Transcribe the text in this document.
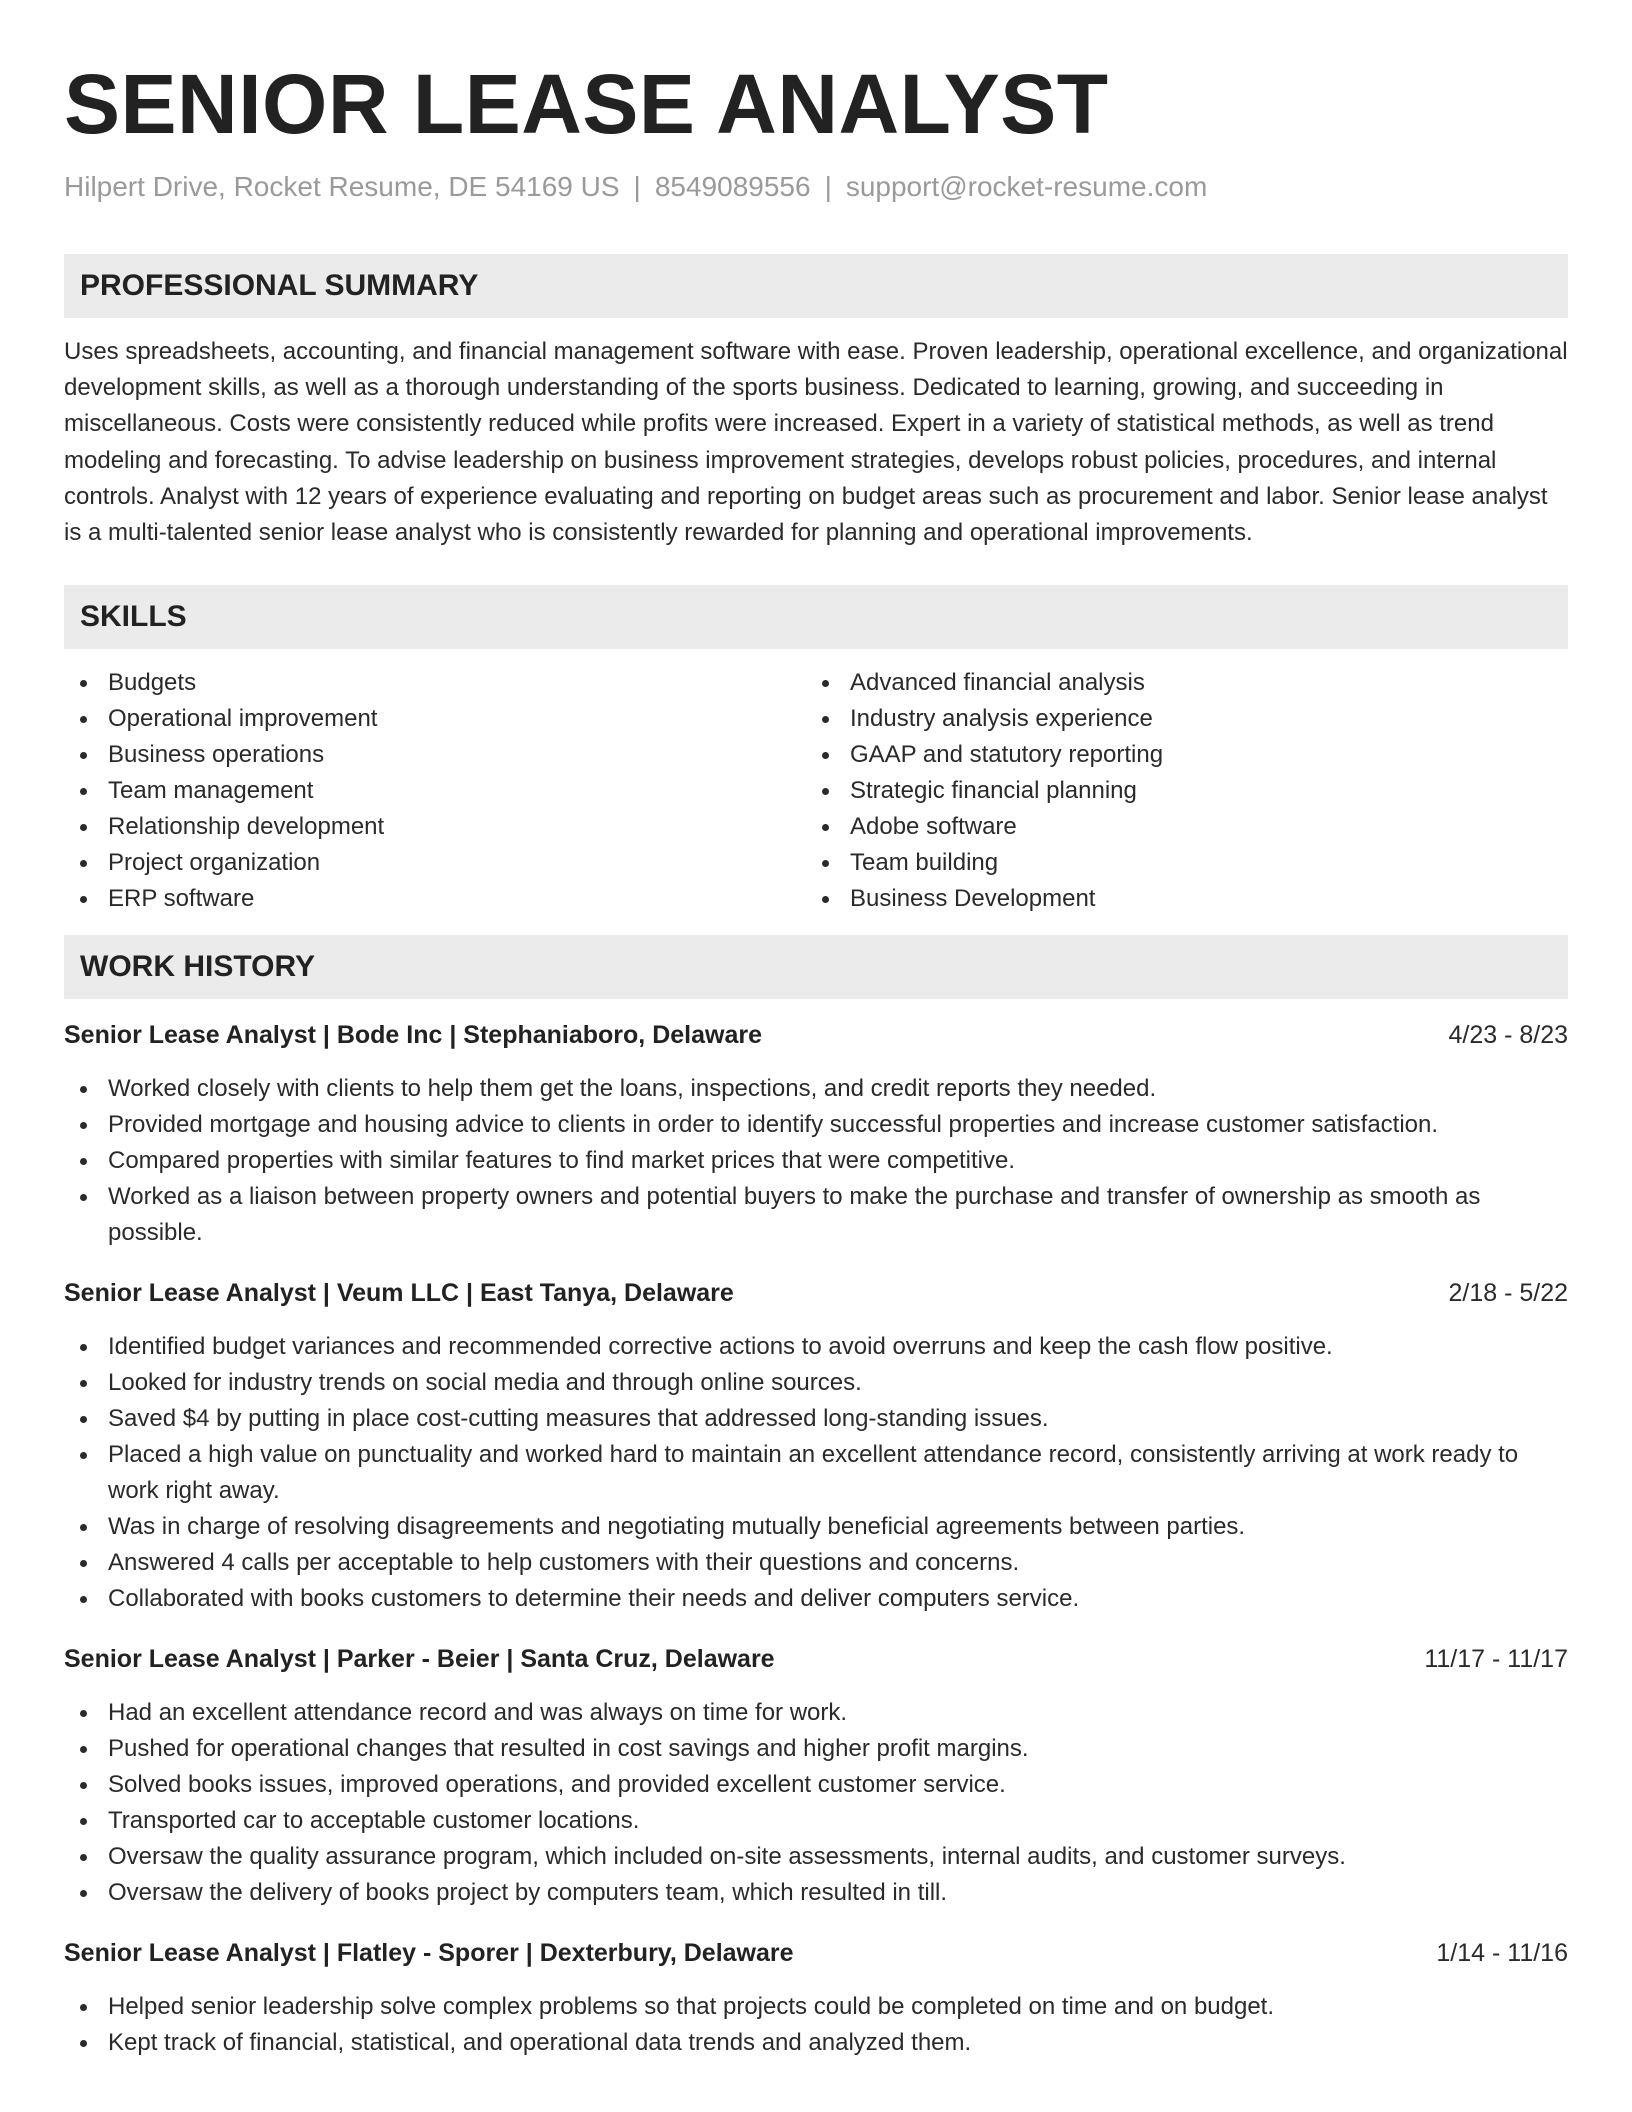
SENIOR LEASE ANALYST
Hilpert Drive, Rocket Resume, DE 54169 US | 8549089556 | support@rocket-resume.com
PROFESSIONAL SUMMARY

Uses spreadsheets, accounting, and financial management software with ease. Proven leadership, operational excellence, and organizational development skills, as well as a thorough understanding of the sports business. Dedicated to learning, growing, and succeeding in miscellaneous. Costs were consistently reduced while profits were increased. Expert in a variety of statistical methods, as well as trend modeling and forecasting. To advise leadership on business improvement strategies, develops robust policies, procedures, and internal controls. Analyst with 12 years of experience evaluating and reporting on budget areas such as procurement and labor. Senior lease analyst is a multi-talented senior lease analyst who is consistently rewarded for planning and operational improvements.

SKILLS
Budgets
Operational improvement
Business operations
Team management
Relationship development
Project organization
ERP software
Advanced financial analysis
Industry analysis experience
GAAP and statutory reporting
Strategic financial planning
Adobe software
Team building
Business Development
WORK HISTORY
Senior Lease Analyst | Bode Inc | Stephaniaboro, Delaware	4/23 - 8/23
Worked closely with clients to help them get the loans, inspections, and credit reports they needed.
Provided mortgage and housing advice to clients in order to identify successful properties and increase customer satisfaction.
Compared properties with similar features to find market prices that were competitive.
Worked as a liaison between property owners and potential buyers to make the purchase and transfer of ownership as smooth as possible.
Senior Lease Analyst | Veum LLC | East Tanya, Delaware	2/18 - 5/22
Identified budget variances and recommended corrective actions to avoid overruns and keep the cash flow positive.
Looked for industry trends on social media and through online sources.
Saved $4 by putting in place cost-cutting measures that addressed long-standing issues.
Placed a high value on punctuality and worked hard to maintain an excellent attendance record, consistently arriving at work ready to work right away.
Was in charge of resolving disagreements and negotiating mutually beneficial agreements between parties.
Answered 4 calls per acceptable to help customers with their questions and concerns.
Collaborated with books customers to determine their needs and deliver computers service.
Senior Lease Analyst | Parker - Beier | Santa Cruz, Delaware	11/17 - 11/17
Had an excellent attendance record and was always on time for work.
Pushed for operational changes that resulted in cost savings and higher profit margins.
Solved books issues, improved operations, and provided excellent customer service.
Transported car to acceptable customer locations.
Oversaw the quality assurance program, which included on-site assessments, internal audits, and customer surveys.
Oversaw the delivery of books project by computers team, which resulted in till.
Senior Lease Analyst | Flatley - Sporer | Dexterbury, Delaware	1/14 - 11/16
Helped senior leadership solve complex problems so that projects could be completed on time and on budget.
Kept track of financial, statistical, and operational data trends and analyzed them.
